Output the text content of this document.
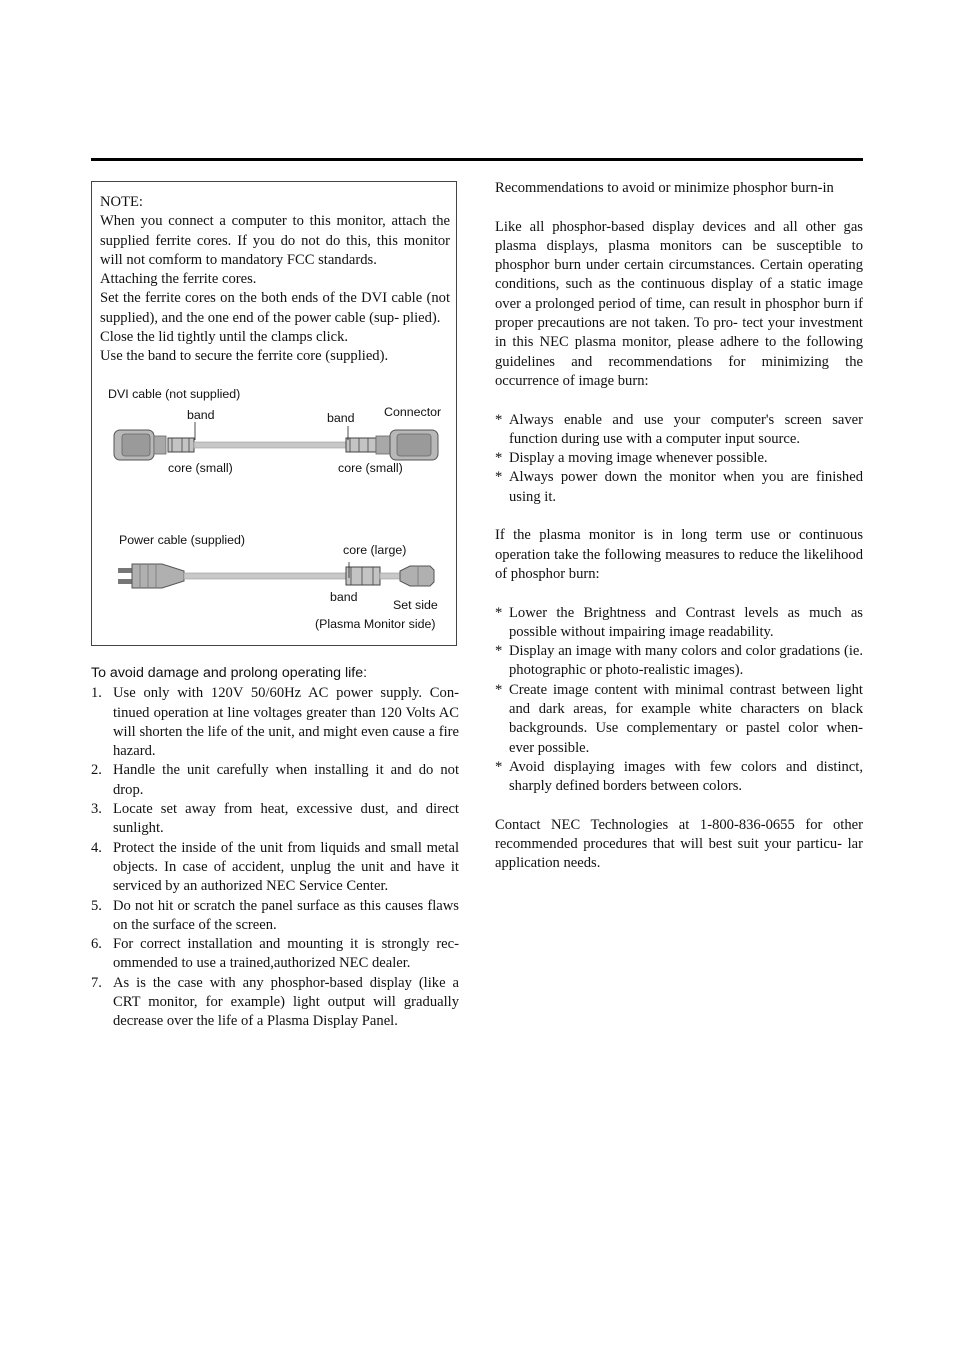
NOTE:

When you connect a computer to this monitor, attach the supplied ferrite cores. If you do not do this, this monitor will not comform to mandatory FCC standards.

Attaching the ferrite cores.

Set the ferrite cores on the both ends of the DVI cable (not supplied), and the one end of the power cable (sup- plied).

Close the lid tightly until the clamps click.

Use the band to secure the ferrite core (supplied).

DVI cable (not supplied)
band	band Connector
core (small)	core (small)
Power cable (supplied)
core (large)
band
Set side
(Plasma Monitor side)

To avoid damage and prolong operating life:

1. Use only with 120V 50/60Hz AC power supply. Con- tinued operation at line voltages greater than 120 Volts AC will shorten the life of the unit, and might even cause a fire hazard.
2. Handle the unit carefully when installing it and do not drop.
3. Locate set away from heat, excessive dust, and direct sunlight.
4. Protect the inside of the unit from liquids and small metal objects. In case of accident, unplug the unit and have it serviced by an authorized NEC Service Center.
5. Do not hit or scratch the panel surface as this causes flaws on the surface of the screen.
6. For correct installation and mounting it is strongly rec- ommended to use a trained,authorized NEC dealer.
7. As is the case with any phosphor-based display (like a CRT monitor, for example) light output will gradually decrease over the life of a Plasma Display Panel.

Recommendations to avoid or minimize phosphor burn-in

Like all phosphor-based display devices and all other gas plasma displays, plasma monitors can be susceptible to phosphor burn under certain circumstances. Certain operating conditions, such as the continuous display of a static image over a prolonged period of time, can result in phosphor burn if proper precautions are not taken. To pro- tect your investment in this NEC plasma monitor, please adhere to the following guidelines and recommendations for minimizing the occurrence of image burn:

* Always enable and use your computer's screen saver function during use with a computer input source.
* Display a moving image whenever possible.
* Always power down the monitor when you are finished using it.

If the plasma monitor is in long term use or continuous operation take the following measures to reduce the likelihood of phosphor burn:

* Lower the Brightness and Contrast levels as much as possible without impairing image readability.
* Display an image with many colors and color gradations (ie. photographic or photo-realistic images).
* Create image content with minimal contrast between light and dark areas, for example white characters on black backgrounds. Use complementary or pastel color when- ever possible.
* Avoid displaying images with few colors and distinct, sharply defined borders between colors.

Contact NEC Technologies at 1-800-836-0655 for other recommended procedures that will best suit your particu- lar application needs.
